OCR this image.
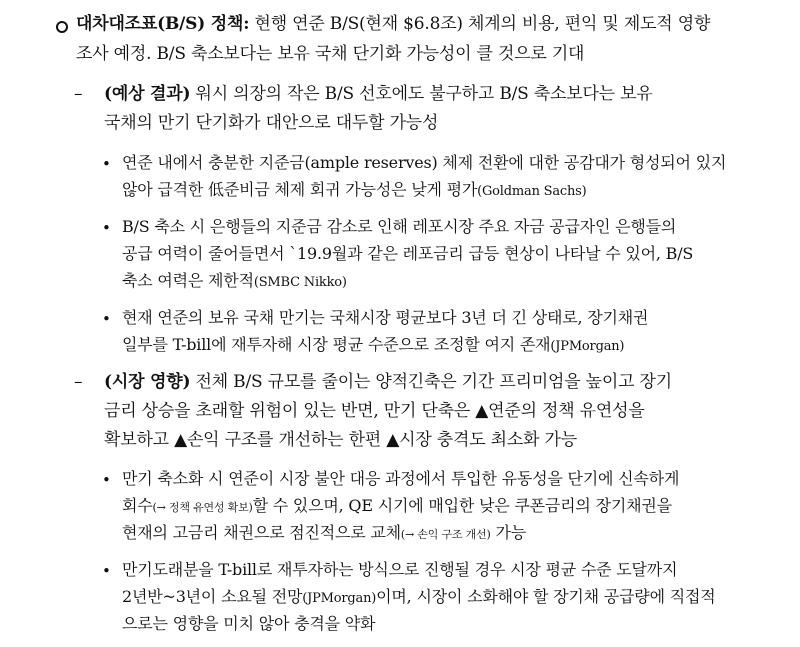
대차대조표(B/S) 정책: 현행 연준 B/S(현재 $6.8조) 체계의 비용, 편익 및 제도적 영향
조사 예정. B/S 축소보다는 보유 국채 단기화 가능성이 클 것으로 기대
– (예상 결과) 워시 의장의 작은 B/S 선호에도 불구하고 B/S 축소보다는 보유
국채의 만기 단기화가 대안으로 대두할 가능성
• 연준 내에서 충분한 지준금(ample reserves) 체제 전환에 대한 공감대가 형성되어 있지
않아 급격한 低준비금 체제 회귀 가능성은 낮게 평가(Goldman Sachs)
• B/S 축소 시 은행들의 지준금 감소로 인해 레포시장 주요 자금 공급자인 은행들의
공급 여력이 줄어들면서 `19.9월과 같은 레포금리 급등 현상이 나타날 수 있어, B/S
축소 여력은 제한적(SMBC Nikko)
• 현재 연준의 보유 국채 만기는 국채시장 평균보다 3년 더 긴 상태로, 장기채권
일부를 T-bill에 재투자해 시장 평균 수준으로 조정할 여지 존재(JPMorgan)
– (시장 영향) 전체 B/S 규모를 줄이는 양적긴축은 기간 프리미엄을 높이고 장기
금리 상승을 초래할 위험이 있는 반면, 만기 단축은 ▲연준의 정책 유연성을
확보하고 ▲손익 구조를 개선하는 한편 ▲시장 충격도 최소화 가능
• 만기 축소화 시 연준이 시장 불안 대응 과정에서 투입한 유동성을 단기에 신속하게
회수(→ 정책 유연성 확보)할 수 있으며, QE 시기에 매입한 낮은 쿠폰금리의 장기채권을
현재의 고금리 채권으로 점진적으로 교체(→ 손익 구조 개선) 가능
• 만기도래분을 T-bill로 재투자하는 방식으로 진행될 경우 시장 평균 수준 도달까지
2년반~3년이 소요될 전망(JPMorgan)이며, 시장이 소화해야 할 장기채 공급량에 직접적
으로는 영향을 미치 않아 충격을 약화
